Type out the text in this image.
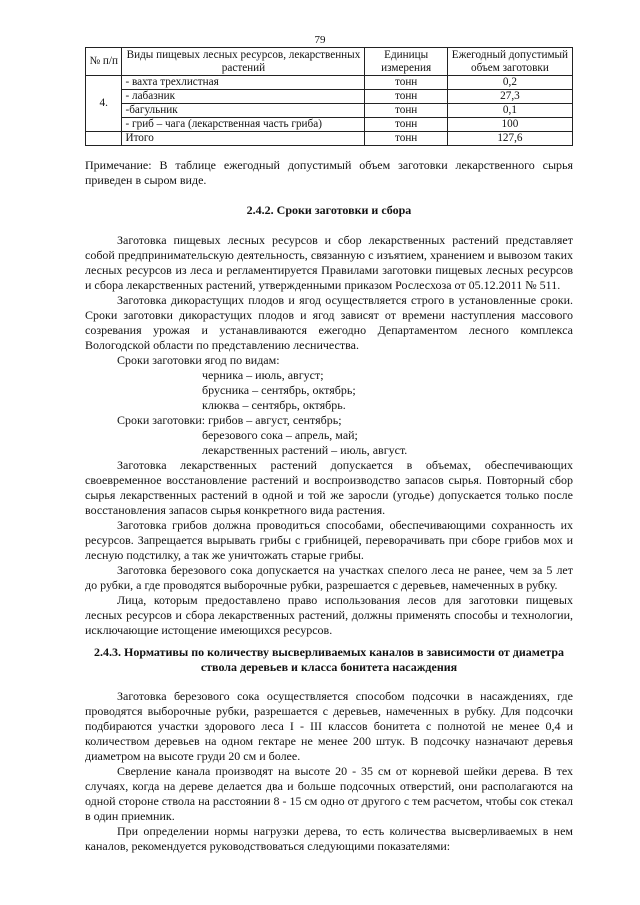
79
№ п/п	Виды пищевых лесных ресурсов, лекарственных растений	Единицы измерения	Ежегодный допустимый объем заготовки
4.	- вахта трехлистная	тонн	0,2
	- лабазник	тонн	27,3
	-багульник	тонн	0,1
	- гриб – чага (лекарственная часть гриба)	тонн	100
	Итого	тонн	127,6

Примечание: В таблице ежегодный допустимый объем заготовки лекарственного сырья приведен в сыром виде.

2.4.2. Сроки заготовки и сбора

Заготовка пищевых лесных ресурсов и сбор лекарственных растений представляет собой предпринимательскую деятельность, связанную с изъятием, хранением и вывозом таких лесных ресурсов из леса и регламентируется Правилами заготовки пищевых лесных ресурсов и сбора лекарственных растений, утвержденными приказом Рослесхоза от 05.12.2011 № 511.

Заготовка дикорастущих плодов и ягод осуществляется строго в установленные сроки. Сроки заготовки дикорастущих плодов и ягод зависят от времени наступления массового созревания урожая и устанавливаются ежегодно Департаментом лесного комплекса Вологодской области по представлению лесничества.

Сроки заготовки ягод по видам:

черника – июль, август;

брусника – сентябрь, октябрь;

клюква – сентябрь, октябрь.

Сроки заготовки: грибов – август, сентябрь;

березового сока – апрель, май;

лекарственных растений – июль, август.

Заготовка лекарственных растений допускается в объемах, обеспечивающих своевременное восстановление растений и воспроизводство запасов сырья. Повторный сбор сырья лекарственных растений в одной и той же заросли (угодье) допускается только после восстановления запасов сырья конкретного вида растения.

Заготовка грибов должна проводиться способами, обеспечивающими сохранность их ресурсов. Запрещается вырывать грибы с грибницей, переворачивать при сборе грибов мох и лесную подстилку, а так же уничтожать старые грибы.

Заготовка березового сока допускается на участках спелого леса не ранее, чем за 5 лет до рубки, а где проводятся выборочные рубки, разрешается с деревьев, намеченных в рубку.

Лица, которым предоставлено право использования лесов для заготовки пищевых лесных ресурсов и сбора лекарственных растений, должны применять способы и технологии, исключающие истощение имеющихся ресурсов.

2.4.3. Нормативы по количеству высверливаемых каналов в зависимости от диаметра ствола деревьев и класса бонитета насаждения

Заготовка березового сока осуществляется способом подсочки в насаждениях, где проводятся выборочные рубки, разрешается с деревьев, намеченных в рубку. Для подсочки подбираются участки здорового леса I - III классов бонитета с полнотой не менее 0,4 и количеством деревьев на одном гектаре не менее 200 штук. В подсочку назначают деревья диаметром на высоте груди 20 см и более.

Сверление канала производят на высоте 20 - 35 см от корневой шейки дерева. В тех случаях, когда на дереве делается два и больше подсочных отверстий, они располагаются на одной стороне ствола на расстоянии 8 - 15 см одно от другого с тем расчетом, чтобы сок стекал в один приемник.

При определении нормы нагрузки дерева, то есть количества высверливаемых в нем каналов, рекомендуется руководствоваться следующими показателями:
